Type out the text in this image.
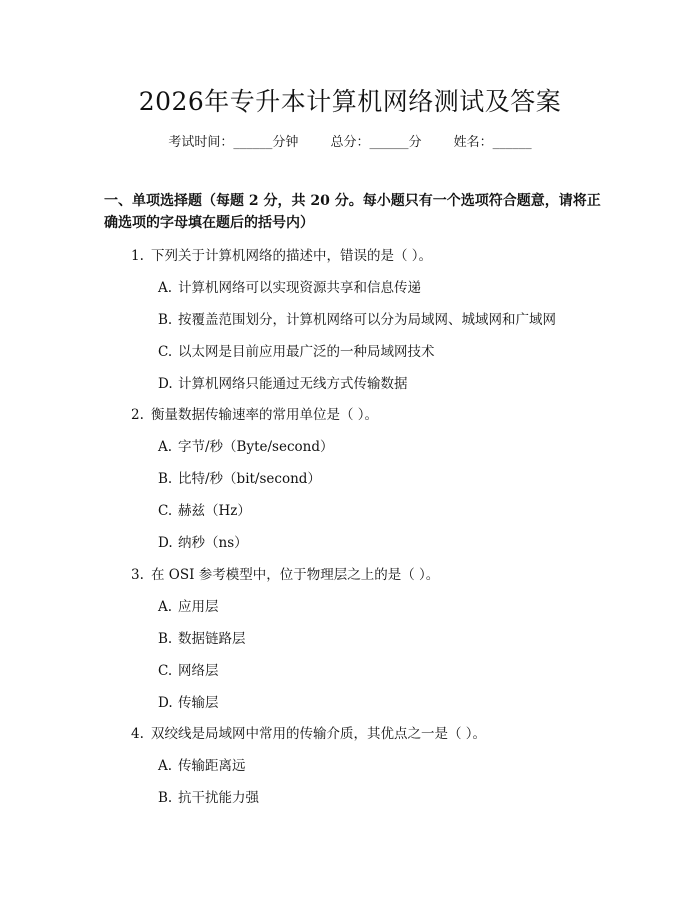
2026年专升本计算机网络测试及答案
考试时间：______分钟 总分：______分 姓名：______
一、单项选择题（每题 2 分，共 20 分。每小题只有一个选项符合题意，请将正确选项的字母填在题后的括号内）
1. 下列关于计算机网络的描述中，错误的是（ ）。
A. 计算机网络可以实现资源共享和信息传递
B. 按覆盖范围划分，计算机网络可以分为局域网、城域网和广域网
C. 以太网是目前应用最广泛的一种局域网技术
D. 计算机网络只能通过无线方式传输数据
2. 衡量数据传输速率的常用单位是（ ）。
A. 字节/秒（Byte/second）
B. 比特/秒（bit/second）
C. 赫兹（Hz）
D. 纳秒（ns）
3. 在 OSI 参考模型中，位于物理层之上的是（ ）。
A. 应用层
B. 数据链路层
C. 网络层
D. 传输层
4. 双绞线是局域网中常用的传输介质，其优点之一是（ ）。
A. 传输距离远
B. 抗干扰能力强
